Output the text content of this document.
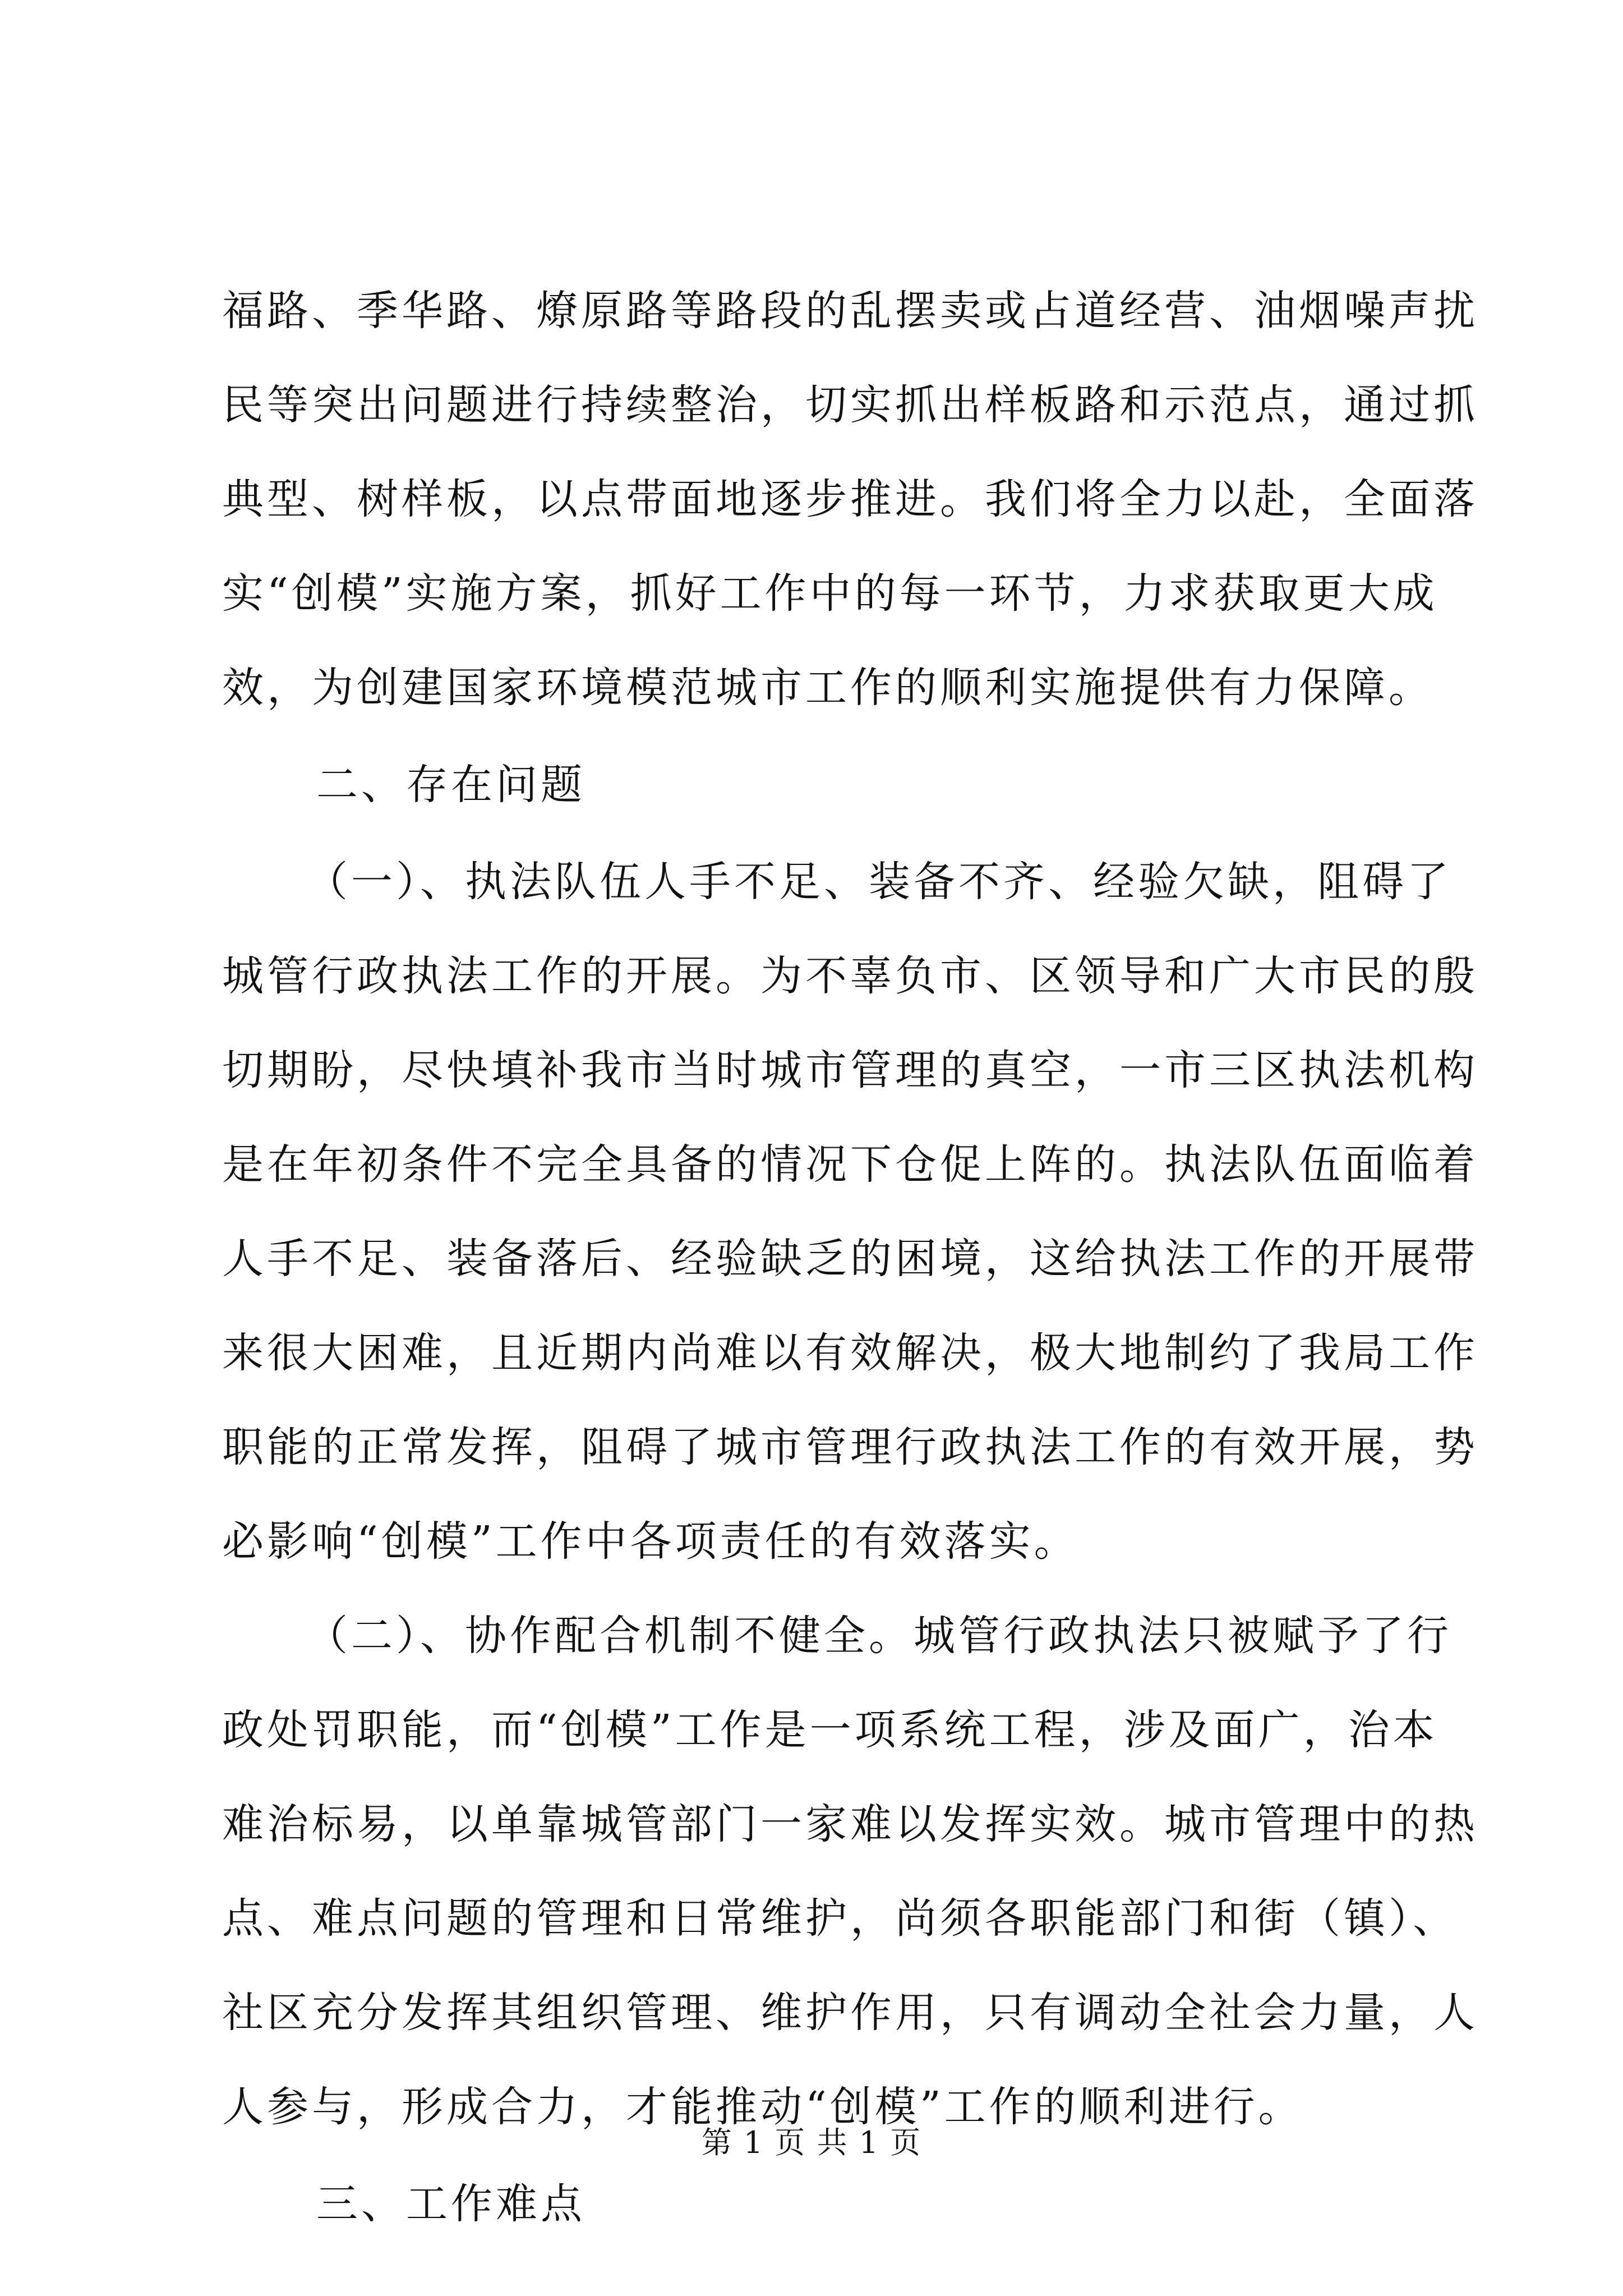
福路、季华路、燎原路等路段的乱摆卖或占道经营、油烟噪声扰
民等突出问题进行持续整治，切实抓出样板路和示范点，通过抓
典型、树样板，以点带面地逐步推进。我们将全力以赴，全面落
实“创模”实施方案，抓好工作中的每一环节，力求获取更大成
效，为创建国家环境模范城市工作的顺利实施提供有力保障。
二、存在问题
（一）、执法队伍人手不足、装备不齐、经验欠缺，阻碍了
城管行政执法工作的开展。为不辜负市、区领导和广大市民的殷
切期盼，尽快填补我市当时城市管理的真空，一市三区执法机构
是在年初条件不完全具备的情况下仓促上阵的。执法队伍面临着
人手不足、装备落后、经验缺乏的困境，这给执法工作的开展带
来很大困难，且近期内尚难以有效解决，极大地制约了我局工作
职能的正常发挥，阻碍了城市管理行政执法工作的有效开展，势
必影响“创模”工作中各项责任的有效落实。
（二）、协作配合机制不健全。城管行政执法只被赋予了行
政处罚职能，而“创模”工作是一项系统工程，涉及面广，治本
难治标易，以单靠城管部门一家难以发挥实效。城市管理中的热
点、难点问题的管理和日常维护，尚须各职能部门和街（镇）、
社区充分发挥其组织管理、维护作用，只有调动全社会力量，人
人参与，形成合力，才能推动“创模”工作的顺利进行。
三、工作难点
第 1 页 共 1 页
